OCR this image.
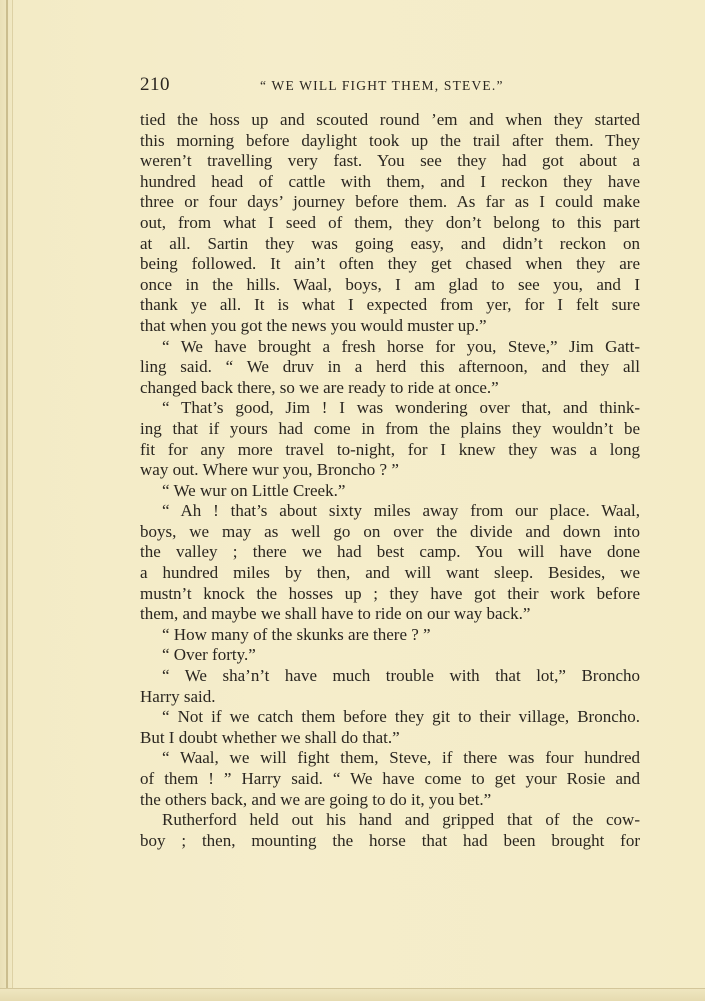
210	“ WE WILL FIGHT THEM, STEVE.”
tied the hoss up and scouted round ’em and when they started
this morning before daylight took up the trail after them. They
weren’t travelling very fast. You see they had got about a
hundred head of cattle with them, and I reckon they have
three or four days’ journey before them. As far as I could make
out, from what I seed of them, they don’t belong to this part
at all. Sartin they was going easy, and didn’t reckon on
being followed. It ain’t often they get chased when they are
once in the hills. Waal, boys, I am glad to see you, and I
thank ye all. It is what I expected from yer, for I felt sure
that when you got the news you would muster up.”
“ We have brought a fresh horse for you, Steve,” Jim Gatt-
ling said. “ We druv in a herd this afternoon, and they all
changed back there, so we are ready to ride at once.”
“ That’s good, Jim ! I was wondering over that, and think-
ing that if yours had come in from the plains they wouldn’t be
fit for any more travel to-night, for I knew they was a long
way out. Where wur you, Broncho ? ”
“ We wur on Little Creek.”
“ Ah ! that’s about sixty miles away from our place. Waal,
boys, we may as well go on over the divide and down into
the valley ; there we had best camp. You will have done
a hundred miles by then, and will want sleep. Besides, we
mustn’t knock the hosses up ; they have got their work before
them, and maybe we shall have to ride on our way back.”
“ How many of the skunks are there ? ”
“ Over forty.”
“ We sha’n’t have much trouble with that lot,” Broncho
Harry said.
“ Not if we catch them before they git to their village, Broncho.
But I doubt whether we shall do that.”
“ Waal, we will fight them, Steve, if there was four hundred
of them ! ” Harry said. “ We have come to get your Rosie and
the others back, and we are going to do it, you bet.”
Rutherford held out his hand and gripped that of the cow-
boy ; then, mounting the horse that had been brought for
